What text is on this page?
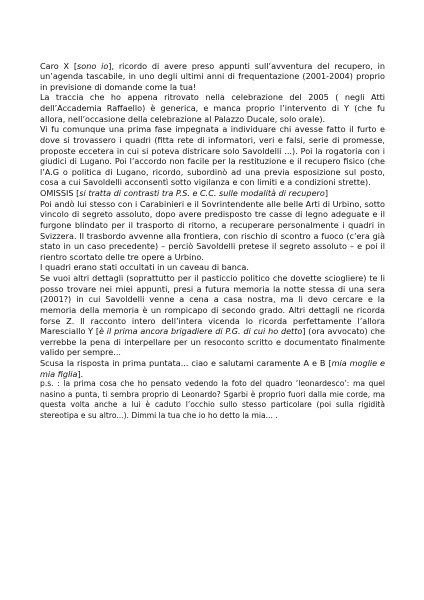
Caro X [sono io], ricordo di avere preso appunti sull’avventura del recupero, in un’agenda tascabile, in uno degli ultimi anni di frequentazione (2001-2004) proprio in previsione di domande come la tua!

La traccia che ho appena ritrovato nella celebrazione del 2005 ( negli Atti dell’Accademia Raffaello) è generica, e manca proprio l’intervento di Y (che fu allora, nell’occasione della celebrazione al Palazzo Ducale, solo orale).

Vi fu comunque una prima fase impegnata a individuare chi avesse fatto il furto e dove si trovassero i quadri (fitta rete di informatori, veri e falsi, serie di promesse, proposte eccetera in cui si poteva districare solo Savoldelli ...). Poi la rogatoria con i giudici di Lugano. Poi l’accordo non facile per la restituzione e il recupero fisico (che l’A.G o politica di Lugano, ricordo, subordinò ad una previa esposizione sul posto, cosa a cui Savoldelli acconsentì sotto vigilanza e con limiti e a condizioni strette).

OMISSIS [si tratta di contrasti tra P.S. e C.C. sulle modalità di recupero]

Poi andò lui stesso con i Carabinieri e il Sovrintendente alle belle Arti di Urbino, sotto vincolo di segreto assoluto, dopo avere predisposto tre casse di legno adeguate e il furgone blindato per il trasporto di ritorno, a recuperare personalmente i quadri in Svizzera. Il trasbordo avvenne alla frontiera, con rischio di scontro a fuoco (c’era già stato in un caso precedente) – perciò Savoldelli pretese il segreto assoluto – e poi il rientro scortato delle tre opere a Urbino.

I quadri erano stati occultati in un caveau di banca.

Se vuoi altri dettagli (soprattutto per il pasticcio politico che dovette sciogliere) te li posso trovare nei miei appunti, presi a futura memoria la notte stessa di una sera (2001?) in cui Savoldelli venne a cena a casa nostra, ma li devo cercare e la memoria della memoria è un rompicapo di secondo grado. Altri dettagli ne ricorda forse Z. Il racconto intero dell’intera vicenda lo ricorda perfettamente l’allora Maresciallo Y [è il prima ancora brigadiere di P.G. di cui ho detto] (ora avvocato) che verrebbe la pena di interpellare per un resoconto scritto e documentato finalmente valido per sempre...

Scusa la risposta in prima puntata... ciao e salutami caramente A e B [mia moglie e mia figlia].

p.s. : la prima cosa che ho pensato vedendo la foto del quadro ‘leonardesco’: ma quel nasino a punta, ti sembra proprio di Leonardo? Sgarbi è proprio fuori dalla mie corde, ma questa volta anche a lui è caduto l’occhio sullo stesso particolare (poi sulla rigidità stereotipa e su altro...). Dimmi la tua che io ho detto la mia... .
